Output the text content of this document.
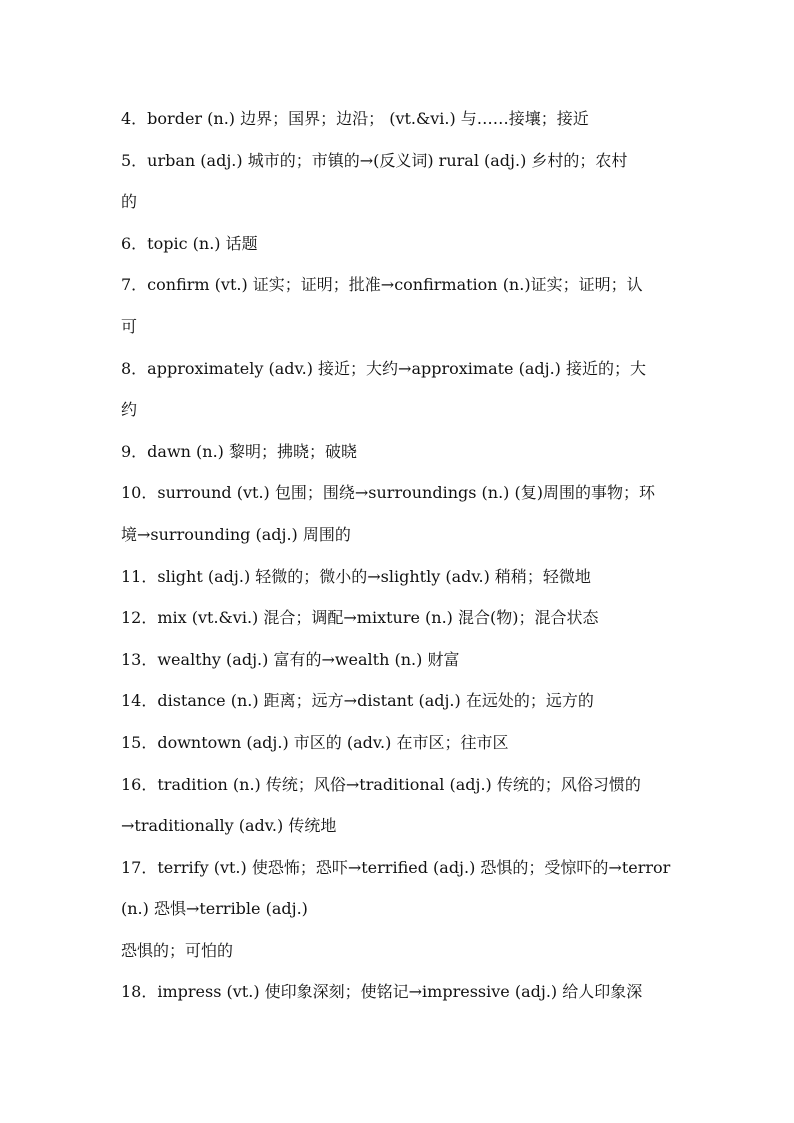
4．border (n.) 边界；国界；边沿； (vt.&vi.) 与……接壤；接近
5．urban (adj.) 城市的；市镇的→(反义词) rural (adj.) 乡村的；农村
的
6．topic (n.) 话题
7．confirm (vt.) 证实；证明；批准→confirmation (n.)证实；证明；认
可
8．approximately (adv.) 接近；大约→approximate (adj.) 接近的；大
约
9．dawn (n.) 黎明；拂晓；破晓
10．surround (vt.) 包围；围绕→surroundings (n.) (复)周围的事物；环
境→surrounding (adj.) 周围的
11．slight (adj.) 轻微的；微小的→slightly (adv.) 稍稍；轻微地
12．mix (vt.&vi.) 混合；调配→mixture (n.) 混合(物)；混合状态
13．wealthy (adj.) 富有的→wealth (n.) 财富
14．distance (n.) 距离；远方→distant (adj.) 在远处的；远方的
15．downtown (adj.) 市区的 (adv.) 在市区；往市区
16．tradition (n.) 传统；风俗→traditional (adj.) 传统的；风俗习惯的
→traditionally (adv.) 传统地
17．terrify (vt.) 使恐怖；恐吓→terrified (adj.) 恐惧的；受惊吓的→terror
(n.) 恐惧→terrible (adj.)
恐惧的；可怕的
18．impress (vt.) 使印象深刻；使铭记→impressive (adj.) 给人印象深
